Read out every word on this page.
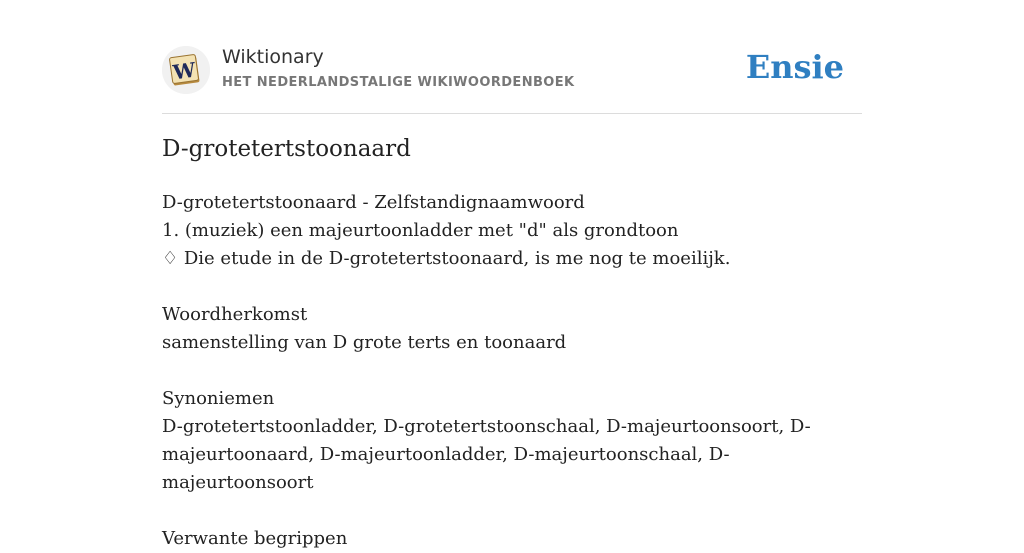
W
Wiktionary
HET NEDERLANDSTALIGE WIKIWOORDENBOEK	Ensie
D-grotetertstoonaard
D-grotetertstoonaard - Zelfstandignaamwoord
1. (muziek) een majeurtoonladder met "d" als grondtoon
♢ Die etude in de D-grotetertstoonaard, is me nog te moeilijk.
Woordherkomst
samenstelling van D grote terts en toonaard
Synoniemen
D-grotetertstoonladder, D-grotetertstoonschaal, D-majeurtoonsoort, D-majeurtoonaard, D-majeurtoonladder, D-majeurtoonschaal, D-majeurtoonsoort
Verwante begrippen
